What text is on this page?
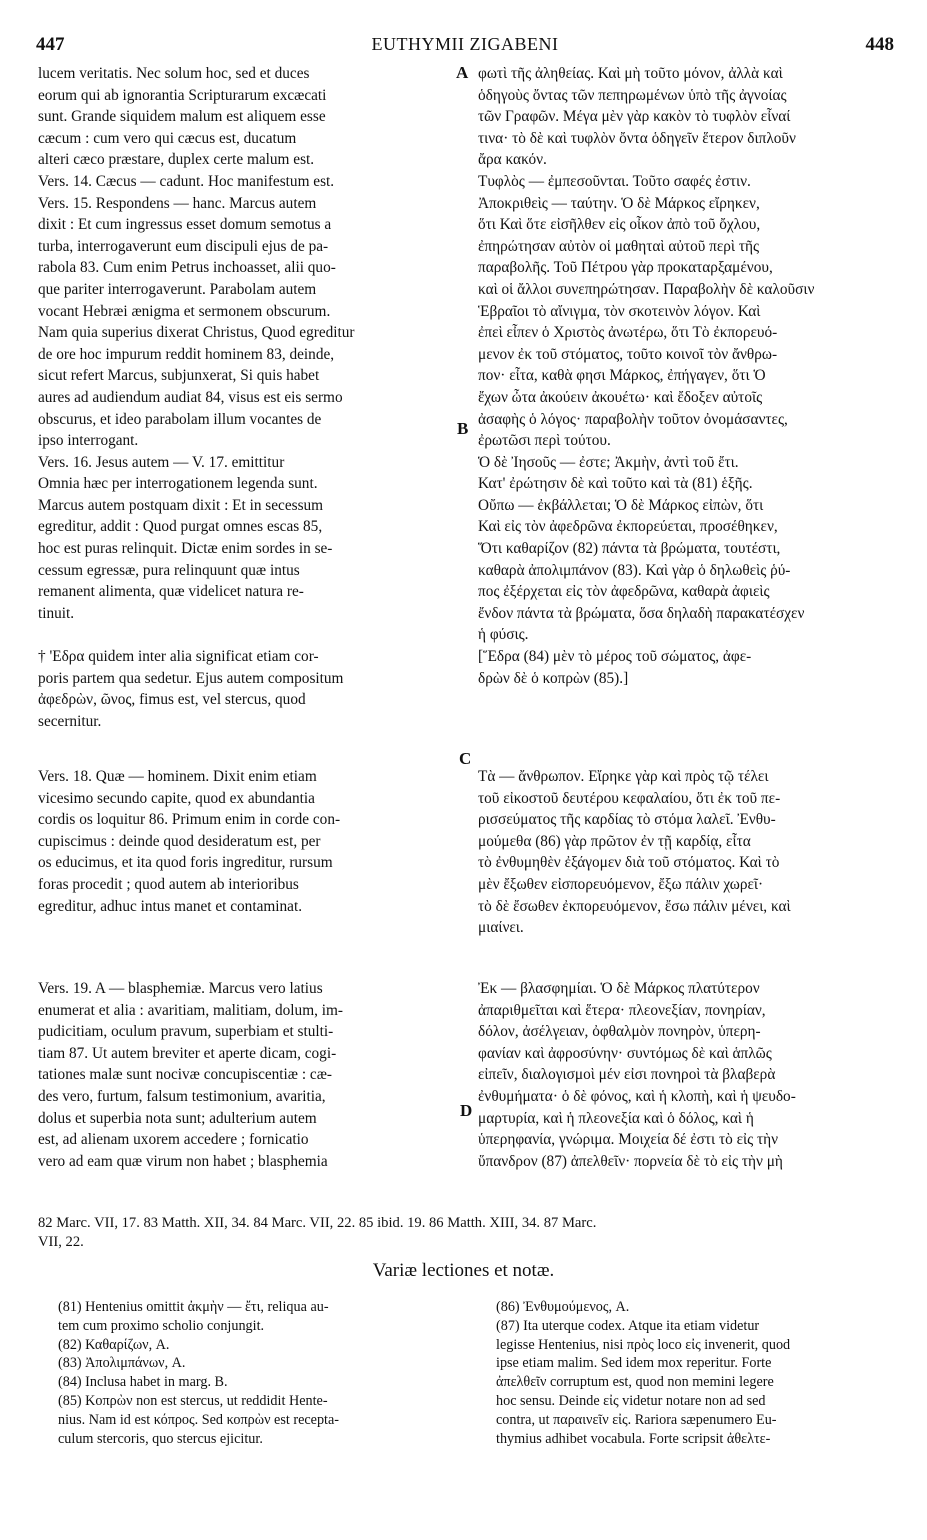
447	EUTHYMII ZIGABENI	448
lucem veritatis. Nec solum hoc, sed et duces
eorum qui ab ignorantia Scripturarum excæcati
sunt. Grande siquidem malum est aliquem esse
cæcum : cum vero qui cæcus est, ducatum
alteri cæco præstare, duplex certe malum est.
Vers. 14. Cæcus — cadunt. Hoc manifestum est.
Vers. 15. Respondens — hanc. Marcus autem
dixit : Et cum ingressus esset domum semotus a
turba, interrogaverunt eum discipuli ejus de pa-
rabola 83. Cum enim Petrus inchoasset, alii quo-
que pariter interrogaverunt. Parabolam autem
vocant Hebræi ænigma et sermonem obscurum.
Nam quia superius dixerat Christus, Quod egreditur
de ore hoc impurum reddit hominem 83, deinde,
sicut refert Marcus, subjunxerat, Si quis habet
aures ad audiendum audiat 84, visus est eis sermo
obscurus, et ideo parabolam illum vocantes de
ipso interrogant.
Vers. 16. Jesus autem — V. 17. emittitur
Omnia hæc per interrogationem legenda sunt.
Marcus autem postquam dixit : Et in secessum
egreditur, addit : Quod purgat omnes escas 85,
hoc est puras relinquit. Dictæ enim sordes in se-
cessum egressæ, pura relinquunt quæ intus
remanent alimenta, quæ videlicet natura re-
tinuit.

† 'Εδρα quidem inter alia significat etiam cor-
poris partem qua sedetur. Ejus autem compositum
ἀφεδρὼν, ῶνος, fimus est, vel stercus, quod
secernitur.
φωτὶ τῆς ἀληθείας. Καὶ μὴ τοῦτο μόνον, ἀλλὰ καὶ
ὁδηγοὺς ὄντας τῶν πεπηρωμένων ὑπὸ τῆς ἀγνοίας
τῶν Γραφῶν. Μέγα μὲν γὰρ κακὸν τὸ τυφλὸν εἶναί
τινα· τὸ δὲ καὶ τυφλὸν ὄντα ὁδηγεῖν ἕτερον διπλοῦν
ἄρα κακόν.
Τυφλὸς — ἐμπεσοῦνται. Τοῦτο σαφές ἐστιν.
Ἀποκριθεὶς — ταύτην. Ὁ δὲ Μάρκος εἴρηκεν,
ὅτι Καὶ ὅτε εἰσῆλθεν εἰς οἶκον ἀπὸ τοῦ ὄχλου,
ἐπηρώτησαν αὐτὸν οἱ μαθηταὶ αὐτοῦ περὶ τῆς
παραβολῆς. Τοῦ Πέτρου γὰρ προκαταρξαμένου,
καὶ οἱ ἄλλοι συνεπηρώτησαν. Παραβολὴν δὲ καλοῦσιν
Ἑβραῖοι τὸ αἴνιγμα, τὸν σκοτεινὸν λόγον. Καὶ
ἐπεὶ εἶπεν ὁ Χριστὸς ἀνωτέρω, ὅτι Τὸ ἐκπορευό-
μενον ἐκ τοῦ στόματος, τοῦτο κοινοῖ τὸν ἄνθρω-
πον· εἶτα, καθὰ φησι Μάρκος, ἐπήγαγεν, ὅτι Ὁ
ἔχων ὦτα ἀκούειν ἀκουέτω· καὶ ἔδοξεν αὐτοῖς
ἀσαφὴς ὁ λόγος· παραβολὴν τοῦτον ὀνομάσαντες,
ἐρωτῶσι περὶ τούτου.
Ὁ δὲ Ἰησοῦς — ἐστε; Ἀκμὴν, ἀντὶ τοῦ ἔτι.
Κατ' ἐρώτησιν δὲ καὶ τοῦτο καὶ τὰ (81) ἑξῆς.
Οὔπω — ἐκβάλλεται; Ὁ δὲ Μάρκος εἰπὼν, ὅτι
Καὶ εἰς τὸν ἀφεδρῶνα ἐκπορεύεται, προσέθηκεν,
Ὅτι καθαρίζον (82) πάντα τὰ βρώματα, τουτέστι,
καθαρὰ ἀπολιμπάνον (83). Καὶ γὰρ ὁ δηλωθεὶς ῥύ-
πος ἐξέρχεται εἰς τὸν ἀφεδρῶνα, καθαρὰ ἀφιεὶς
ἔνδον πάντα τὰ βρώματα, ὅσα δηλαδὴ παρακατέσχεν
ἡ φύσις.
[Ἕδρα (84) μὲν τὸ μέρος τοῦ σώματος, ἀφε-
δρὼν δὲ ὁ κοπρὼν (85).]
Vers. 18. Quæ — hominem. Dixit enim etiam
vicesimo secundo capite, quod ex abundantia
cordis os loquitur 86. Primum enim in corde con-
cupiscimus : deinde quod desideratum est, per
os educimus, et ita quod foris ingreditur, rursum
foras procedit ; quod autem ab interioribus
egreditur, adhuc intus manet et contaminat.
Τὰ — ἄνθρωπον. Εἴρηκε γὰρ καὶ πρὸς τῷ τέλει
τοῦ εἰκοστοῦ δευτέρου κεφαλαίου, ὅτι ἐκ τοῦ πε-
ρισσεύματος τῆς καρδίας τὸ στόμα λαλεῖ. Ἐνθυ-
μούμεθα (86) γὰρ πρῶτον ἐν τῇ καρδίᾳ, εἶτα
τὸ ἐνθυμηθὲν ἐξάγομεν διὰ τοῦ στόματος. Καὶ τὸ
μὲν ἔξωθεν εἰσπορευόμενον, ἔξω πάλιν χωρεῖ·
τὸ δὲ ἔσωθεν ἐκπορευόμενον, ἔσω πάλιν μένει, καὶ
μιαίνει.
Vers. 19. A — blasphemiæ. Marcus vero latius
enumerat et alia : avaritiam, malitiam, dolum, im-
pudicitiam, oculum pravum, superbiam et stulti-
tiam 87. Ut autem breviter et aperte dicam, cogi-
tationes malæ sunt nocivæ concupiscentiæ : cæ-
des vero, furtum, falsum testimonium, avaritia,
dolus et superbia nota sunt; adulterium autem
est, ad alienam uxorem accedere ; fornicatio
vero ad eam quæ virum non habet ; blasphemia
Ἐκ — βλασφημίαι. Ὁ δὲ Μάρκος πλατύτερον
ἀπαριθμεῖται καὶ ἕτερα· πλεονεξίαν, πονηρίαν,
δόλον, ἀσέλγειαν, ὀφθαλμὸν πονηρὸν, ὑπερη-
φανίαν καὶ ἀφροσύνην· συντόμως δὲ καὶ ἁπλῶς
εἰπεῖν, διαλογισμοὶ μέν εἰσι πονηροὶ τὰ βλαβερὰ
ἐνθυμήματα· ὁ δὲ φόνος, καὶ ἡ κλοπὴ, καὶ ἡ ψευδο-
μαρτυρία, καὶ ἡ πλεονεξία καὶ ὁ δόλος, καὶ ἡ
ὑπερηφανία, γνώριμα. Μοιχεία δέ ἐστι τὸ εἰς τὴν
ὕπανδρον (87) ἀπελθεῖν· πορνεία δὲ τὸ εἰς τὴν μὴ
A
B
C
D
82 Marc. VII, 17. 83 Matth. XII, 34. 84 Marc. VII, 22. 85 ibid. 19. 86 Matth. XIII, 34. 87 Marc.
VII, 22.
Variæ lectiones et notæ.
(81) Hentenius omittit ἀκμὴν — ἔτι, reliqua au-
tem cum proximo scholio conjungit.
(82) Καθαρίζων, A.
(83) Ἀπολιμπάνων, A.
(84) Inclusa habet in marg. B.
(85) Κοπρὼν non est stercus, ut reddidit Hente-
nius. Nam id est κόπρος. Sed κοπρὼν est recepta-
culum stercoris, quo stercus ejicitur.
(86) Ἐνθυμούμενος, A.
(87) Ita uterque codex. Atque ita etiam videtur
legisse Hentenius, nisi πρὸς loco εἰς invenerit, quod
ipse etiam malim. Sed idem mox reperitur. Forte
ἀπελθεῖν corruptum est, quod non memini legere
hoc sensu. Deinde εἰς videtur notare non ad sed
contra, ut παραινεῖν εἰς. Rariora sæpenumero Eu-
thymius adhibet vocabula. Forte scripsit ἀθελτε-
